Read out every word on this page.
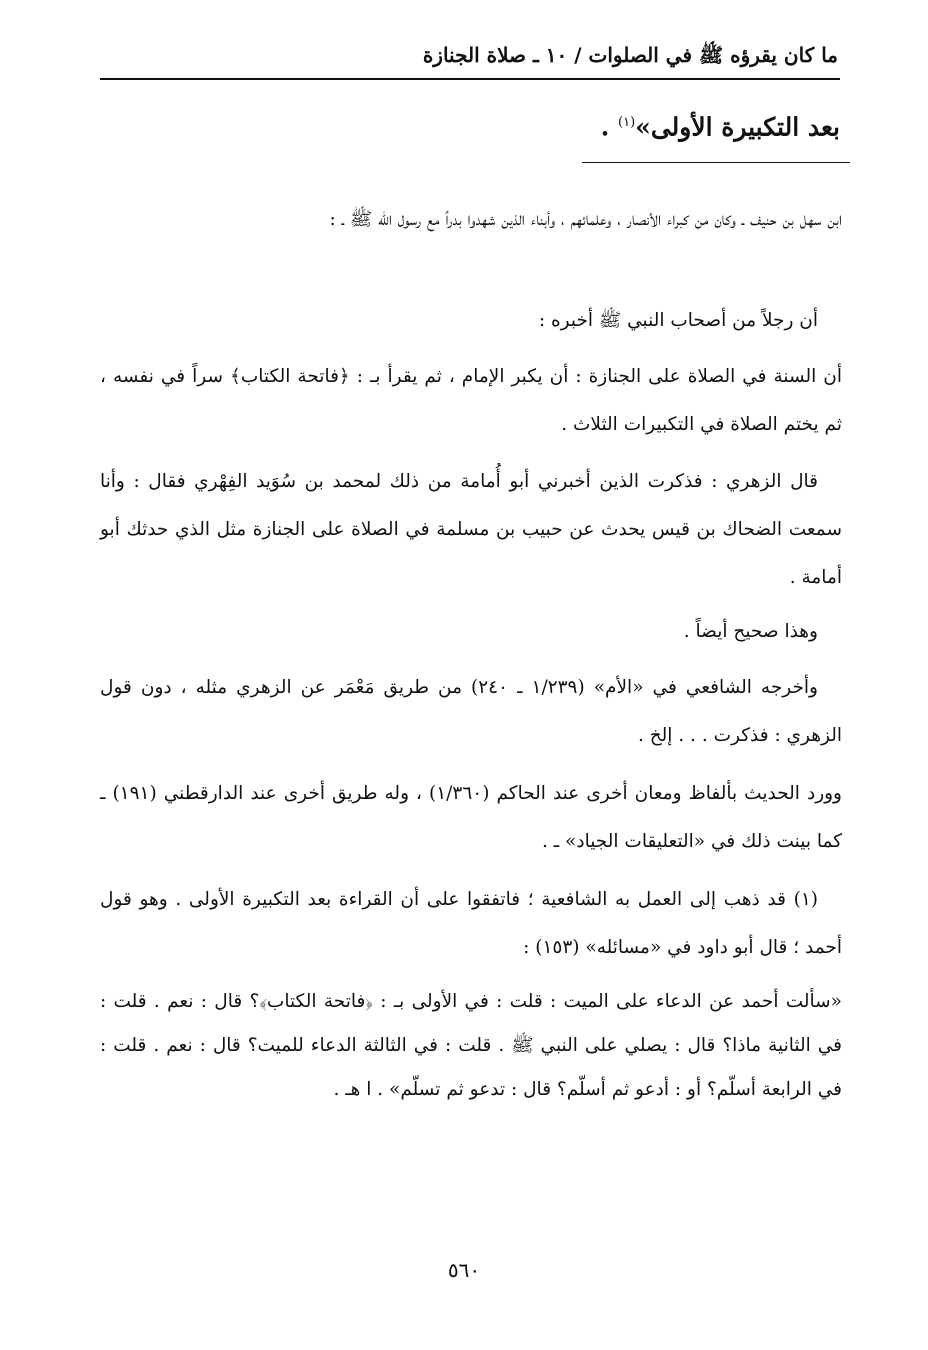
ما كان يقرؤه ﷺ في الصلوات / ١٠ ـ صلاة الجنازة
بعد التكبيرة الأولى»$^{(١)}$ .
ابن سهل بن حنيف ـ وكان من كبراء الأنصار ، وعلمائهم ، وأبناء الذين شهدوا بدراً مع رسول الله ﷺ ـ :
أن رجلاً من أصحاب النبي ﷺ أخبره :
أن السنة في الصلاة على الجنازة : أن يكبر الإمام ، ثم يقرأ بـ : ﴿فاتحة الكتاب﴾ سراً في نفسه ، ثم يختم الصلاة في التكبيرات الثلاث .
قال الزهري : فذكرت الذين أخبرني أبو أُمامة من ذلك لمحمد بن سُوَيد الفِهْري فقال : وأنا سمعت الضحاك بن قيس يحدث عن حبيب بن مسلمة في الصلاة على الجنازة مثل الذي حدثك أبو أمامة .
وهذا صحيح أيضاً .
وأخرجه الشافعي في «الأم» (١/٢٣٩ ـ ٢٤٠) من طريق مَعْمَر عن الزهري مثله ، دون قول الزهري : فذكرت . . . إلخ .
وورد الحديث بألفاظ ومعان أخرى عند الحاكم (١/٣٦٠) ، وله طريق أخرى عند الدارقطني (١٩١) ـ كما بينت ذلك في «التعليقات الجياد» ـ .
(١) قد ذهب إلى العمل به الشافعية ؛ فاتفقوا على أن القراءة بعد التكبيرة الأولى . وهو قول أحمد ؛ قال أبو داود في «مسائله» (١٥٣) :
«سألت أحمد عن الدعاء على الميت : قلت : في الأولى بـ : ﴿فاتحة الكتاب﴾؟ قال : نعم . قلت : في الثانية ماذا؟ قال : يصلي على النبي ﷺ . قلت : في الثالثة الدعاء للميت؟ قال : نعم . قلت : في الرابعة أسلّم؟ أو : أدعو ثم أسلّم؟ قال : تدعو ثم تسلّم» . ا هـ .
٥٦٠
